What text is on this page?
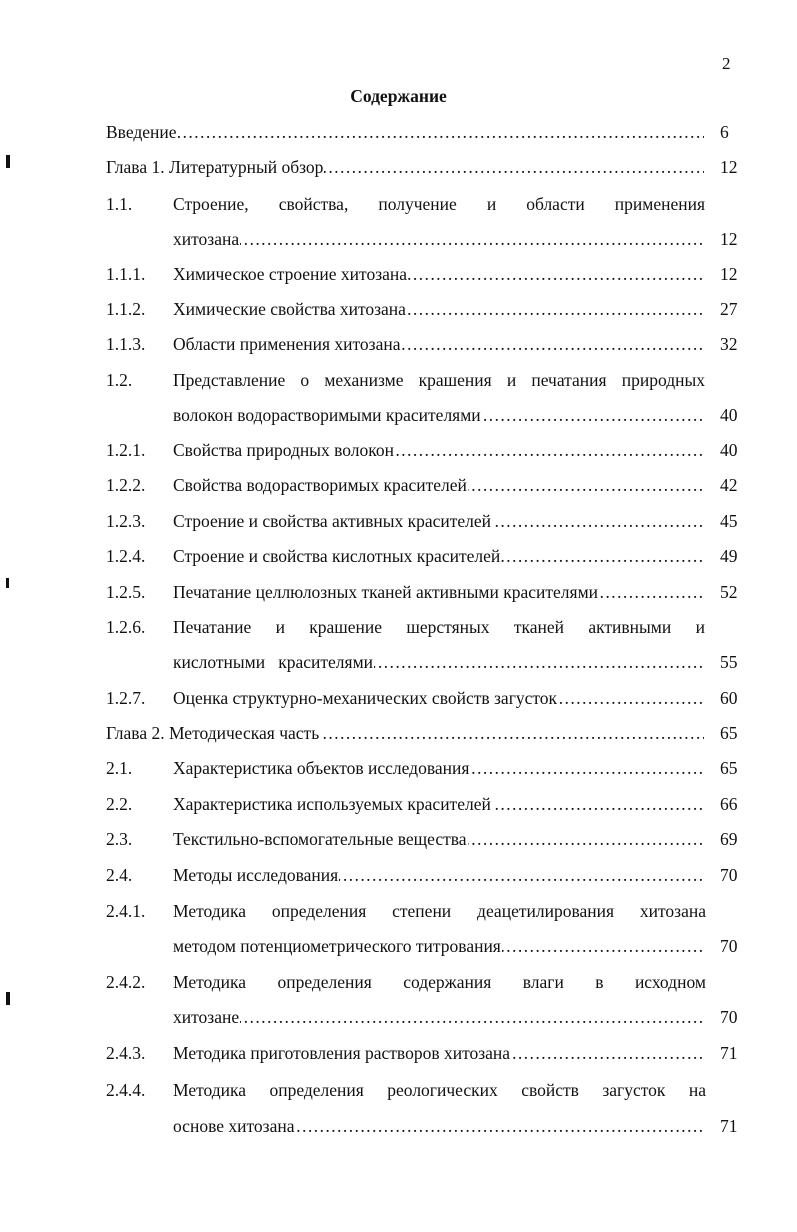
2
Содержание
Введение ………………………………………………………………………………………………………………………………………………	6
Глава 1. Литературный обзор ………………………………………………………………………………………………………………………………………………	12
1.1. Строение, свойства, получение и области применения
хитозана ………………………………………………………………………………………………………………………………………………	12
1.1.1. Химическое строение хитозана ………………………………………………………………………………………………………………………………………………	12
1.1.2. Химические свойства хитозана ………………………………………………………………………………………………………………………………………………	27
1.1.3. Области применения хитозана ………………………………………………………………………………………………………………………………………………	32
1.2. Представление о механизме крашения и печатания природных
волокон водорастворимыми красителями ………………………………………………………………………………………………………………………………………………	40
1.2.1. Свойства природных волокон ………………………………………………………………………………………………………………………………………………	40
1.2.2. Свойства водорастворимых красителей ………………………………………………………………………………………………………………………………………………	42
1.2.3. Строение и свойства активных красителей ………………………………………………………………………………………………………………………………………………	45
1.2.4. Строение и свойства кислотных красителей ………………………………………………………………………………………………………………………………………………	49
1.2.5. Печатание целлюлозных тканей активными красителями ………………………………………………………………………………………………………………………………………………	52
1.2.6. Печатание и крашение шерстяных тканей активными и
кислотными   красителями ………………………………………………………………………………………………………………………………………………	55
1.2.7. Оценка структурно-механических свойств загусток ………………………………………………………………………………………………………………………………………………	60
Глава 2. Методическая часть ………………………………………………………………………………………………………………………………………………	65
2.1. Характеристика объектов исследования ………………………………………………………………………………………………………………………………………………	65
2.2. Характеристика используемых красителей ………………………………………………………………………………………………………………………………………………	66
2.3. Текстильно-вспомогательные вещества ………………………………………………………………………………………………………………………………………………	69
2.4. Методы исследования ………………………………………………………………………………………………………………………………………………	70
2.4.1. Методика определения степени деацетилирования хитозана
методом потенциометрического титрования ………………………………………………………………………………………………………………………………………………	70
2.4.2. Методика определения содержания влаги в исходном
хитозане ………………………………………………………………………………………………………………………………………………	70
2.4.3. Методика приготовления растворов хитозана ………………………………………………………………………………………………………………………………………………	71
2.4.4. Методика определения реологических свойств загусток на
основе хитозана ………………………………………………………………………………………………………………………………………………	71
